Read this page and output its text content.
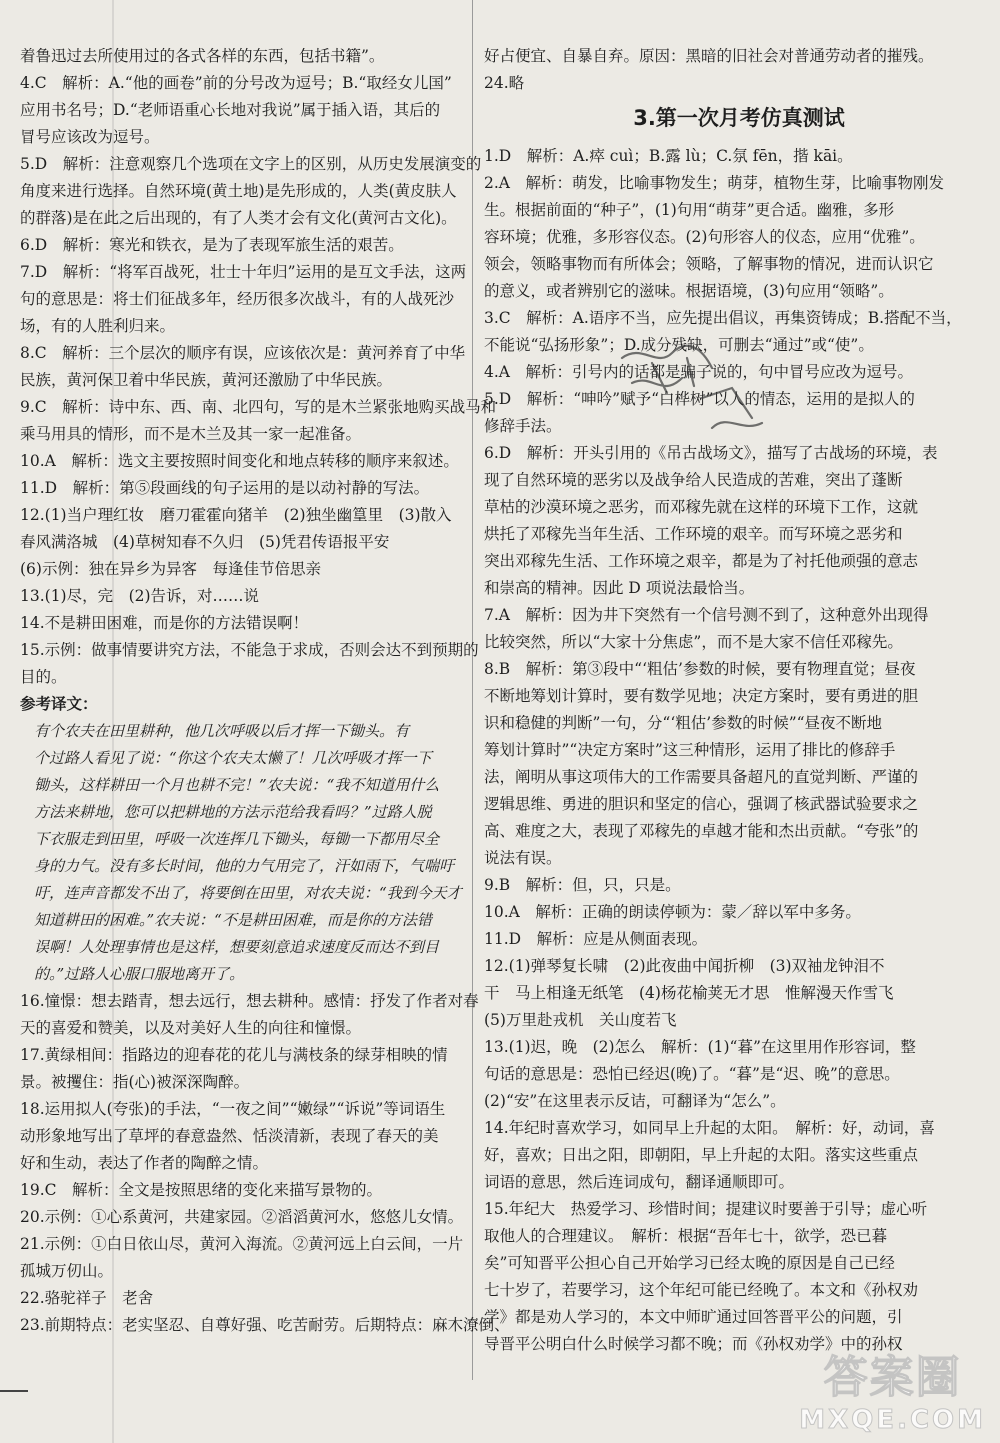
着鲁迅过去所使用过的各式各样的东西，包括书籍”。

4.C　解析：A.“他的画卷”前的分号改为逗号；B.“取经女儿国”

应用书名号；D.“老师语重心长地对我说”属于插入语，其后的

冒号应该改为逗号。

5.D　解析：注意观察几个选项在文字上的区别，从历史发展演变的

角度来进行选择。自然环境(黄土地)是先形成的，人类(黄皮肤人

的群落)是在此之后出现的，有了人类才会有文化(黄河古文化)。

6.D　解析：寒光和铁衣，是为了表现军旅生活的艰苦。

7.D　解析：“将军百战死，壮士十年归”运用的是互文手法，这两

句的意思是：将士们征战多年，经历很多次战斗，有的人战死沙

场，有的人胜利归来。

8.C　解析：三个层次的顺序有误，应该依次是：黄河养育了中华

民族，黄河保卫着中华民族，黄河还激励了中华民族。

9.C　解析：诗中东、西、南、北四句，写的是木兰紧张地购买战马和

乘马用具的情形，而不是木兰及其一家一起准备。

10.A　解析：选文主要按照时间变化和地点转移的顺序来叙述。

11.D　解析：第⑤段画线的句子运用的是以动衬静的写法。

12.(1)当户理红妆　磨刀霍霍向猪羊　(2)独坐幽篁里　(3)散入

春风满洛城　(4)草树知春不久归　(5)凭君传语报平安

(6)示例：独在异乡为异客　每逢佳节倍思亲

13.(1)尽，完　(2)告诉，对……说

14.不是耕田困难，而是你的方法错误啊！

15.示例：做事情要讲究方法，不能急于求成，否则会达不到预期的

目的。

参考译文：

有个农夫在田里耕种，他几次呼吸以后才挥一下锄头。有

个过路人看见了说：“你这个农夫太懒了！几次呼吸才挥一下

锄头，这样耕田一个月也耕不完！”农夫说：“我不知道用什么

方法来耕地，您可以把耕地的方法示范给我看吗？”过路人脱

下衣服走到田里，呼吸一次连挥几下锄头，每锄一下都用尽全

身的力气。没有多长时间，他的力气用完了，汗如雨下，气喘吁

吁，连声音都发不出了，将要倒在田里，对农夫说：“我到今天才

知道耕田的困难。”农夫说：“不是耕田困难，而是你的方法错

误啊！人处理事情也是这样，想要刻意追求速度反而达不到目

的。”过路人心服口服地离开了。

16.憧憬：想去踏青，想去远行，想去耕种。感情：抒发了作者对春

天的喜爱和赞美，以及对美好人生的向往和憧憬。

17.黄绿相间：指路边的迎春花的花儿与满枝条的绿芽相映的情

景。被攫住：指(心)被深深陶醉。

18.运用拟人(夸张)的手法，“一夜之间”“嫩绿”“诉说”等词语生

动形象地写出了草坪的春意盎然、恬淡清新，表现了春天的美

好和生动，表达了作者的陶醉之情。

19.C　解析：全文是按照思绪的变化来描写景物的。

20.示例：①心系黄河，共建家园。②滔滔黄河水，悠悠儿女情。

21.示例：①白日依山尽，黄河入海流。②黄河远上白云间，一片

孤城万仞山。

22.骆驼祥子　老舍

23.前期特点：老实坚忍、自尊好强、吃苦耐劳。后期特点：麻木潦倒、

好占便宜、自暴自弃。原因：黑暗的旧社会对普通劳动者的摧残。

24.略

3.第一次月考仿真测试

1.D　解析：A.瘁 cuì；B.露 lù；C.氛 fēn，揩 kāi。

2.A　解析：萌发，比喻事物发生；萌芽，植物生芽，比喻事物刚发

生。根据前面的“种子”，(1)句用“萌芽”更合适。幽雅，多形

容环境；优雅，多形容仪态。(2)句形容人的仪态，应用“优雅”。

领会，领略事物而有所体会；领略，了解事物的情况，进而认识它

的意义，或者辨别它的滋味。根据语境，(3)句应用“领略”。

3.C　解析：A.语序不当，应先提出倡议，再集资铸成；B.搭配不当，

不能说“弘扬形象”；D.成分残缺，可删去“通过”或“使”。

4.A　解析：引号内的话都是骗子说的，句中冒号应改为逗号。

5.D　解析：“呻吟”赋予“白桦树”以人的情态，运用的是拟人的

修辞手法。

6.D　解析：开头引用的《吊古战场文》，描写了古战场的环境，表

现了自然环境的恶劣以及战争给人民造成的苦难，突出了蓬断

草枯的沙漠环境之恶劣，而邓稼先就在这样的环境下工作，这就

烘托了邓稼先当年生活、工作环境的艰辛。而写环境之恶劣和

突出邓稼先生活、工作环境之艰辛，都是为了衬托他顽强的意志

和崇高的精神。因此 D 项说法最恰当。

7.A　解析：因为井下突然有一个信号测不到了，这种意外出现得

比较突然，所以“大家十分焦虑”，而不是大家不信任邓稼先。

8.B　解析：第③段中“‘粗估’参数的时候，要有物理直觉；昼夜

不断地筹划计算时，要有数学见地；决定方案时，要有勇进的胆

识和稳健的判断”一句，分“‘粗估’参数的时候”“昼夜不断地

筹划计算时”“决定方案时”这三种情形，运用了排比的修辞手

法，阐明从事这项伟大的工作需要具备超凡的直觉判断、严谨的

逻辑思维、勇进的胆识和坚定的信心，强调了核武器试验要求之

高、难度之大，表现了邓稼先的卓越才能和杰出贡献。“夸张”的

说法有误。

9.B　解析：但，只，只是。

10.A　解析：正确的朗读停顿为：蒙／辞以军中多务。

11.D　解析：应是从侧面表现。

12.(1)弹琴复长啸　(2)此夜曲中闻折柳　(3)双袖龙钟泪不

干　马上相逢无纸笔　(4)杨花榆荚无才思　惟解漫天作雪飞

(5)万里赴戎机　关山度若飞

13.(1)迟，晚　(2)怎么　解析：(1)“暮”在这里用作形容词，整

句话的意思是：恐怕已经迟(晚)了。“暮”是“迟、晚”的意思。

(2)“安”在这里表示反诘，可翻译为“怎么”。

14.年纪时喜欢学习，如同早上升起的太阳。　解析：好，动词，喜

好，喜欢；日出之阳，即朝阳，早上升起的太阳。落实这些重点

词语的意思，然后连词成句，翻译通顺即可。

15.年纪大　热爱学习、珍惜时间；提建议时要善于引导；虚心听

取他人的合理建议。　解析：根据“吾年七十，欲学，恐已暮

矣”可知晋平公担心自己开始学习已经太晚的原因是自己已经

七十岁了，若要学习，这个年纪可能已经晚了。本文和《孙权劝

学》都是劝人学习的，本文中师旷通过回答晋平公的问题，引

导晋平公明白什么时候学习都不晚；而《孙权劝学》中的孙权

答案圈
MXQE.COM
